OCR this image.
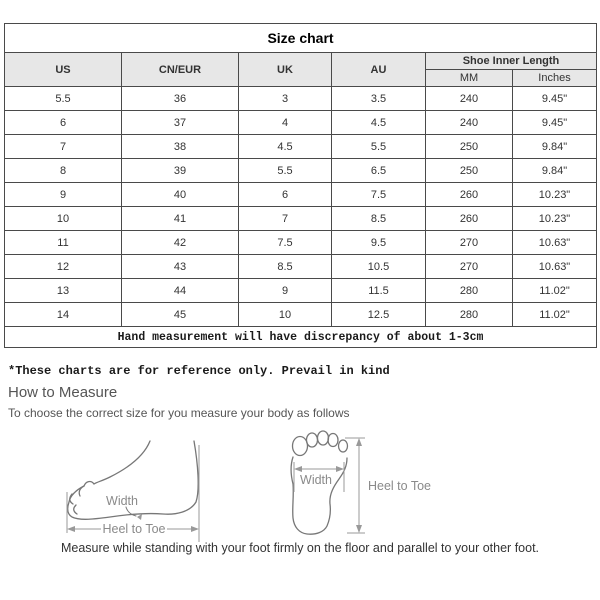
Size chart					
US	CN/EUR	UK	AU	Shoe Inner Length	
				MM	Inches
5.5	36	3	3.5	240	9.45"
6	37	4	4.5	240	9.45"
7	38	4.5	5.5	250	9.84"
8	39	5.5	6.5	250	9.84"
9	40	6	7.5	260	10.23"
10	41	7	8.5	260	10.23"
11	42	7.5	9.5	270	10.63"
12	43	8.5	10.5	270	10.63"
13	44	9	11.5	280	11.02"
14	45	10	12.5	280	11.02"
Hand measurement will have discrepancy of about 1-3cm					
*These charts are for reference only. Prevail in kind
How to Measure
To choose the correct size for you measure your body as follows
Width
Heel to Toe
Width	Heel to Toe
Measure while standing with your foot firmly on the floor and parallel to your other foot.
